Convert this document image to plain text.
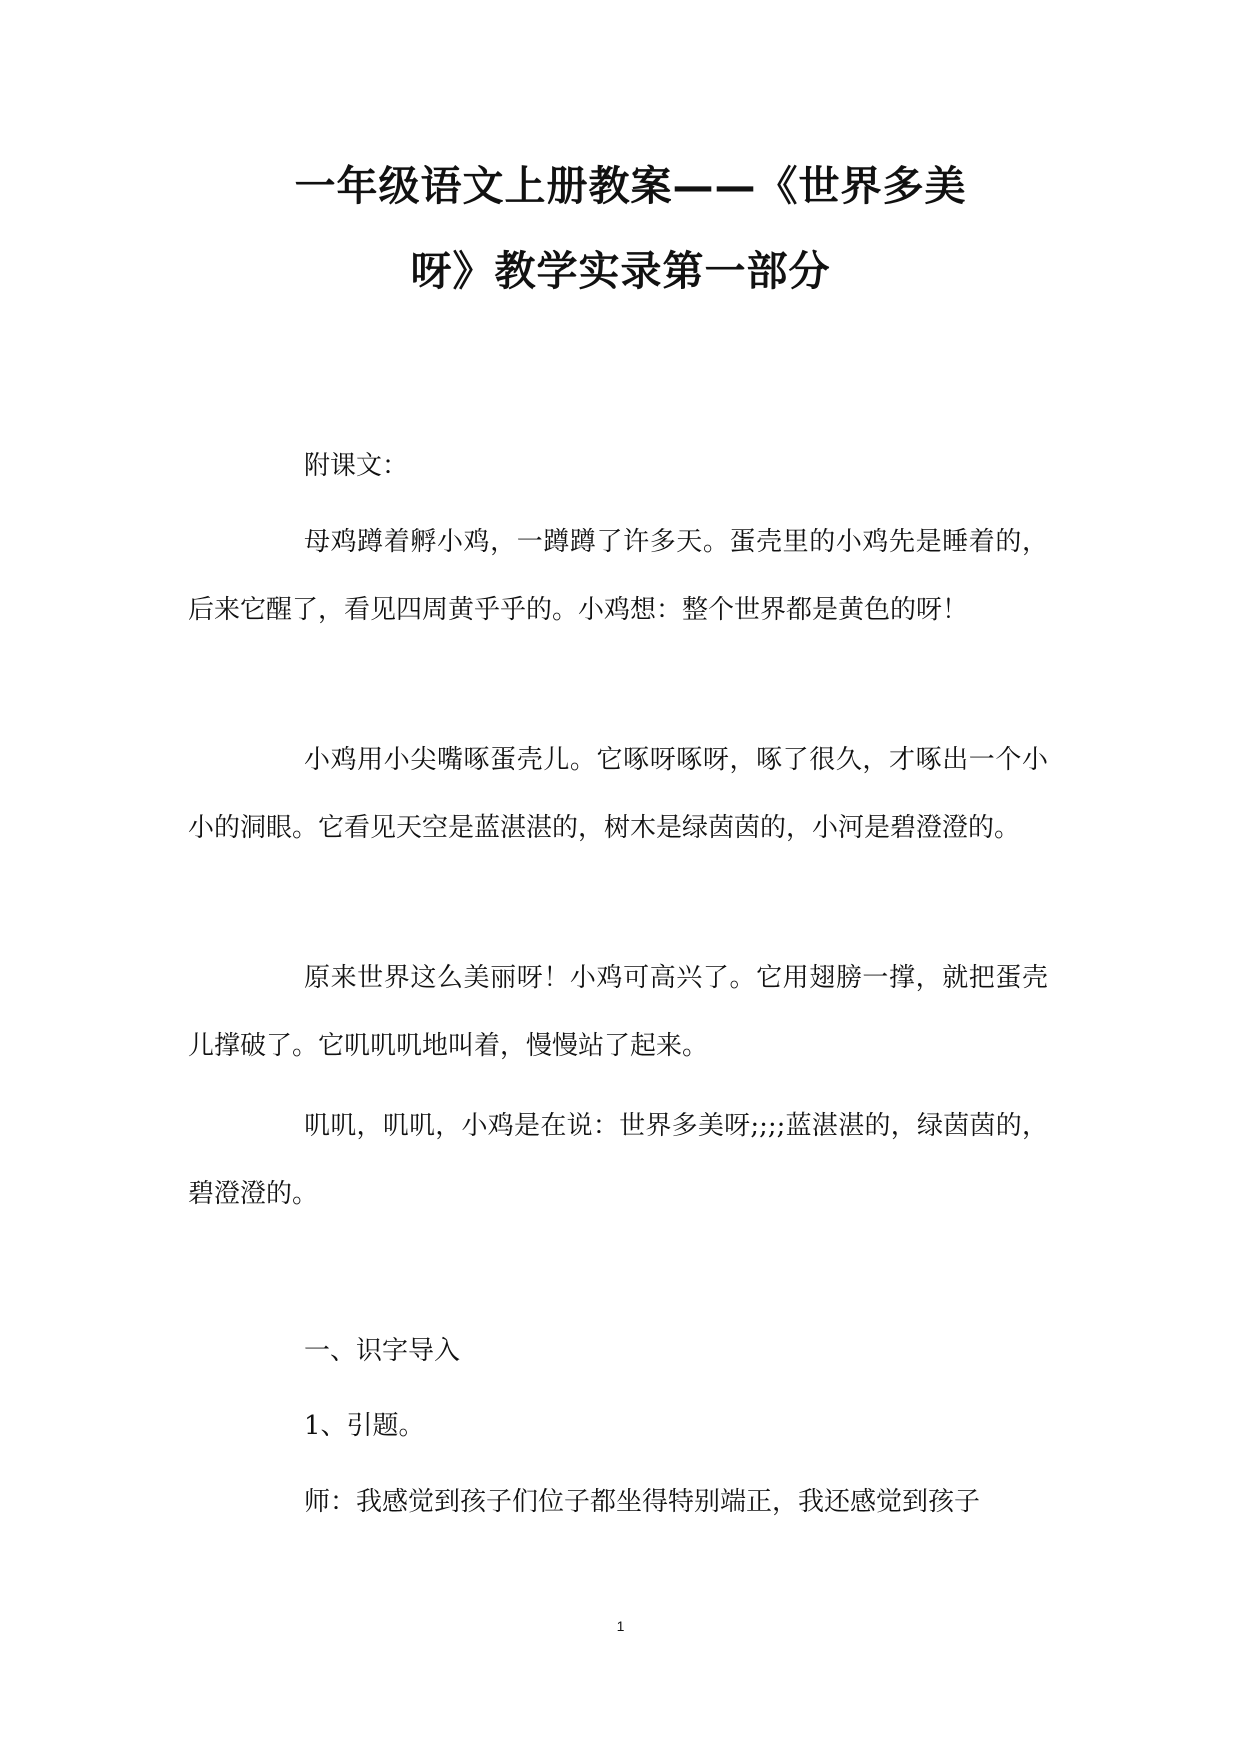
一年级语文上册教案——《世界多美
呀》教学实录第一部分
附课文：
母鸡蹲着孵小鸡，一蹲蹲了许多天。蛋壳里的小鸡先是睡着的，后来它醒了，看见四周黄乎乎的。小鸡想：整个世界都是黄色的呀！
小鸡用小尖嘴啄蛋壳儿。它啄呀啄呀，啄了很久，才啄出一个小小的洞眼。它看见天空是蓝湛湛的，树木是绿茵茵的，小河是碧澄澄的。
原来世界这么美丽呀！小鸡可高兴了。它用翅膀一撑，就把蛋壳儿撑破了。它叽叽叽地叫着，慢慢站了起来。
叽叽，叽叽，小鸡是在说：世界多美呀;;;;蓝湛湛的，绿茵茵的，碧澄澄的。
一、识字导入
1、引题。
师：我感觉到孩子们位子都坐得特别端正，我还感觉到孩子
1
